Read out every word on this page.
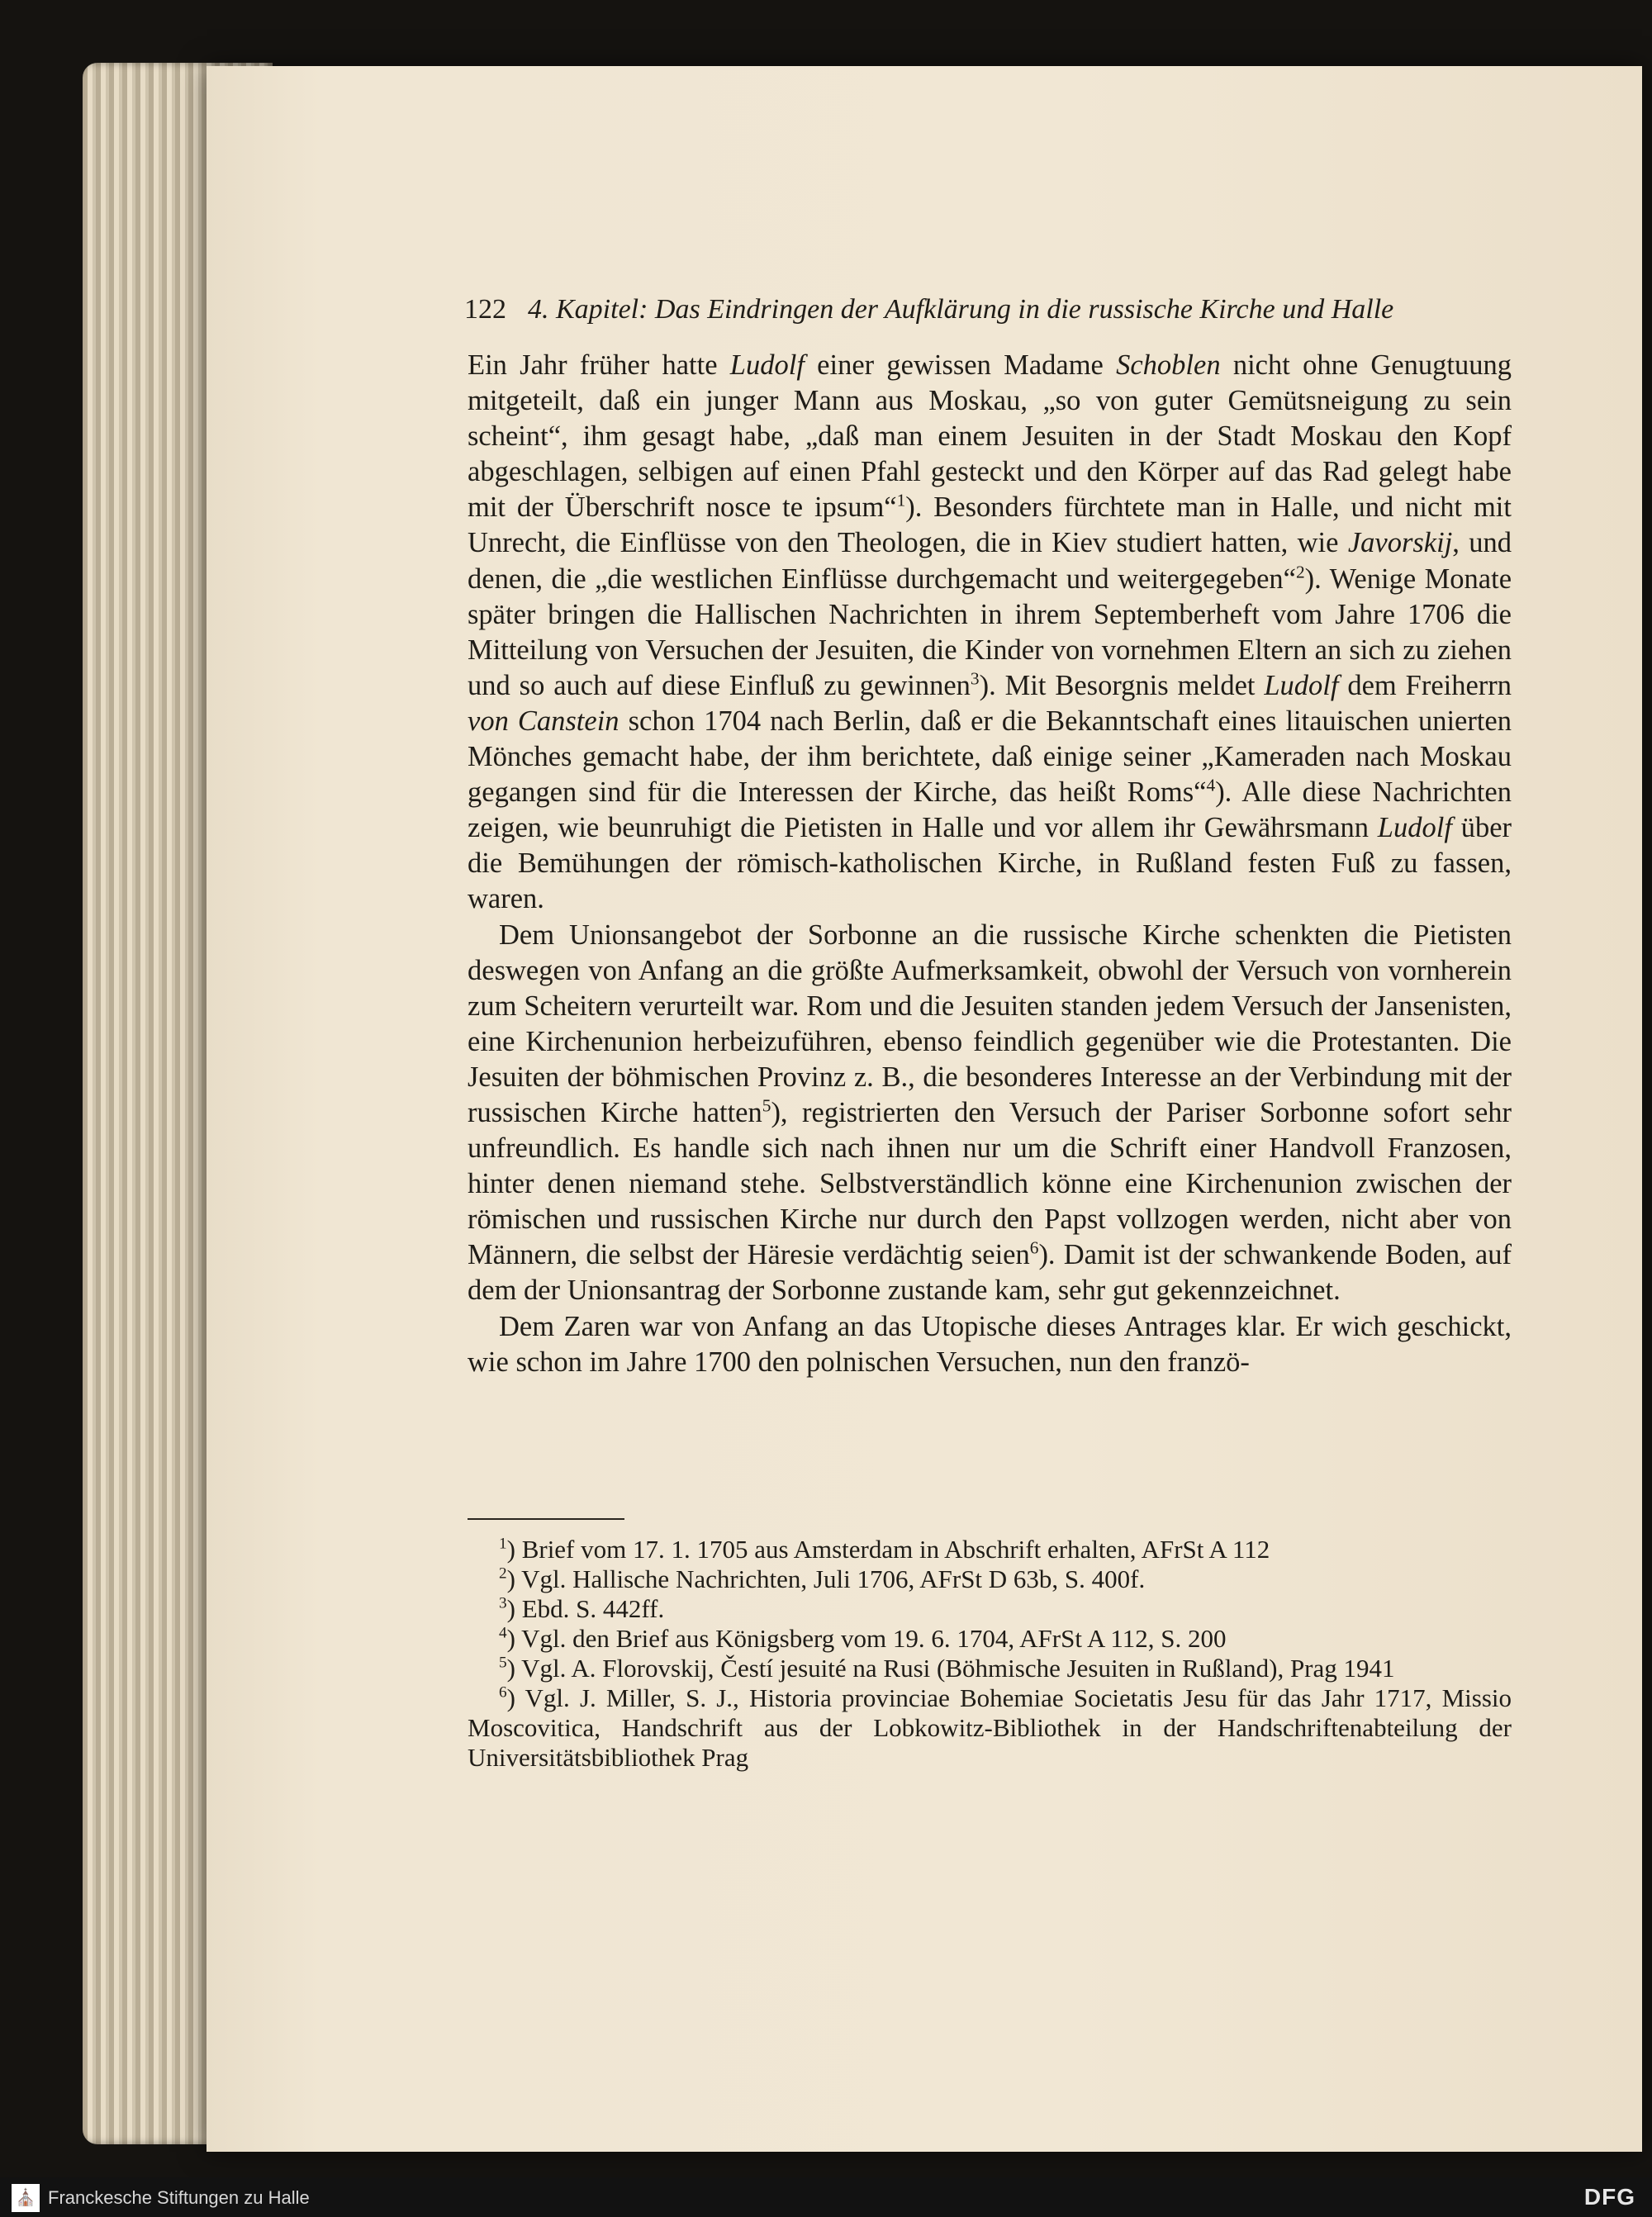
122 4. Kapitel: Das Eindringen der Aufklärung in die russische Kirche und Halle

Ein Jahr früher hatte Ludolf einer gewissen Madame Schoblen nicht ohne Genugtuung mitgeteilt, daß ein junger Mann aus Moskau, „so von guter Gemütsneigung zu sein scheint“, ihm gesagt habe, „daß man einem Jesuiten in der Stadt Moskau den Kopf abgeschlagen, selbigen auf einen Pfahl gesteckt und den Körper auf das Rad gelegt habe mit der Überschrift nosce te ipsum“$^1$). Besonders fürchtete man in Halle, und nicht mit Unrecht, die Einflüsse von den Theologen, die in Kiev studiert hatten, wie Javorskij, und denen, die „die westlichen Einflüsse durchgemacht und weitergegeben“$^2$). Wenige Monate später bringen die Hallischen Nachrichten in ihrem Septemberheft vom Jahre 1706 die Mitteilung von Versuchen der Jesuiten, die Kinder von vornehmen Eltern an sich zu ziehen und so auch auf diese Einfluß zu gewinnen$^3$). Mit Besorgnis meldet Ludolf dem Freiherrn von Canstein schon 1704 nach Berlin, daß er die Bekanntschaft eines litauischen unierten Mönches gemacht habe, der ihm berichtete, daß einige seiner „Kameraden nach Moskau gegangen sind für die Interessen der Kirche, das heißt Roms“$^4$). Alle diese Nachrichten zeigen, wie beunruhigt die Pietisten in Halle und vor allem ihr Gewährsmann Ludolf über die Bemühungen der römisch-katholischen Kirche, in Rußland festen Fuß zu fassen, waren.

Dem Unionsangebot der Sorbonne an die russische Kirche schenkten die Pietisten deswegen von Anfang an die größte Aufmerksamkeit, obwohl der Versuch von vornherein zum Scheitern verurteilt war. Rom und die Jesuiten standen jedem Versuch der Jansenisten, eine Kirchenunion herbeizuführen, ebenso feindlich gegenüber wie die Protestanten. Die Jesuiten der böhmischen Provinz z. B., die besonderes Interesse an der Verbindung mit der russischen Kirche hatten$^5$), registrierten den Versuch der Pariser Sorbonne sofort sehr unfreundlich. Es handle sich nach ihnen nur um die Schrift einer Handvoll Franzosen, hinter denen niemand stehe. Selbstverständlich könne eine Kirchenunion zwischen der römischen und russischen Kirche nur durch den Papst vollzogen werden, nicht aber von Männern, die selbst der Häresie verdächtig seien$^6$). Damit ist der schwankende Boden, auf dem der Unionsantrag der Sorbonne zustande kam, sehr gut gekennzeichnet.

Dem Zaren war von Anfang an das Utopische dieses Antrages klar. Er wich geschickt, wie schon im Jahre 1700 den polnischen Versuchen, nun den franzö-

$^1$) Brief vom 17. 1. 1705 aus Amsterdam in Abschrift erhalten, AFrSt A 112

$^2$) Vgl. Hallische Nachrichten, Juli 1706, AFrSt D 63b, S. 400f.

$^3$) Ebd. S. 442ff.

$^4$) Vgl. den Brief aus Königsberg vom 19. 6. 1704, AFrSt A 112, S. 200

$^5$) Vgl. A. Florovskij, Čestí jesuité na Rusi (Böhmische Jesuiten in Rußland), Prag 1941

$^6$) Vgl. J. Miller, S. J., Historia provinciae Bohemiae Societatis Jesu für das Jahr 1717, Missio Moscovitica, Handschrift aus der Lobkowitz-Bibliothek in der Handschriftenabteilung der Universitätsbibliothek Prag

⛪ Franckesche Stiftungen zu Halle	DFG
